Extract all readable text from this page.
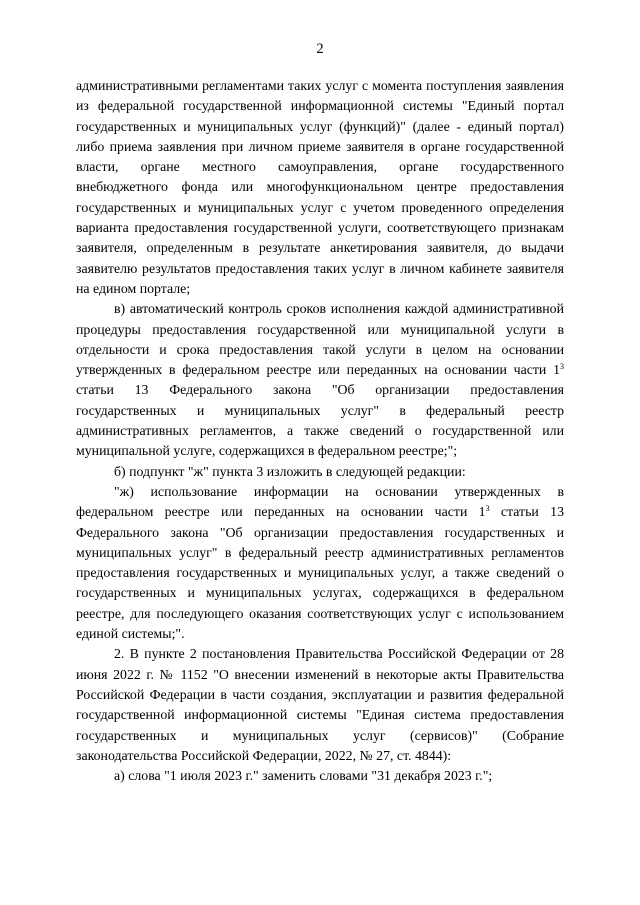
2

административными регламентами таких услуг с момента поступления заявления из федеральной государственной информационной системы "Единый портал государственных и муниципальных услуг (функций)" (далее - единый портал) либо приема заявления при личном приеме заявителя в органе государственной власти, органе местного самоуправления, органе государственного внебюджетного фонда или многофункциональном центре предоставления государственных и муниципальных услуг с учетом проведенного определения варианта предоставления государственной услуги, соответствующего признакам заявителя, определенным в результате анкетирования заявителя, до выдачи заявителю результатов предоставления таких услуг в личном кабинете заявителя на едином портале;

в) автоматический контроль сроков исполнения каждой административной процедуры предоставления государственной или муниципальной услуги в отдельности и срока предоставления такой услуги в целом на основании утвержденных в федеральном реестре или переданных на основании части $1^3$ статьи 13 Федерального закона "Об организации предоставления государственных и муниципальных услуг" в федеральный реестр административных регламентов, а также сведений о государственной или муниципальной услуге, содержащихся в федеральном реестре;";

б) подпункт "ж" пункта 3 изложить в следующей редакции:

"ж) использование информации на основании утвержденных в федеральном реестре или переданных на основании части $1^3$ статьи 13 Федерального закона "Об организации предоставления государственных и муниципальных услуг" в федеральный реестр административных регламентов предоставления государственных и муниципальных услуг, а также сведений о государственных и муниципальных услугах, содержащихся в федеральном реестре, для последующего оказания соответствующих услуг с использованием единой системы;".

2. В пункте 2 постановления Правительства Российской Федерации от 28 июня 2022 г. № 1152 "О внесении изменений в некоторые акты Правительства Российской Федерации в части создания, эксплуатации и развития федеральной государственной информационной системы "Единая система предоставления государственных и муниципальных услуг (сервисов)" (Собрание законодательства Российской Федерации, 2022, № 27, ст. 4844):

а) слова "1 июля 2023 г." заменить словами "31 декабря 2023 г.";
